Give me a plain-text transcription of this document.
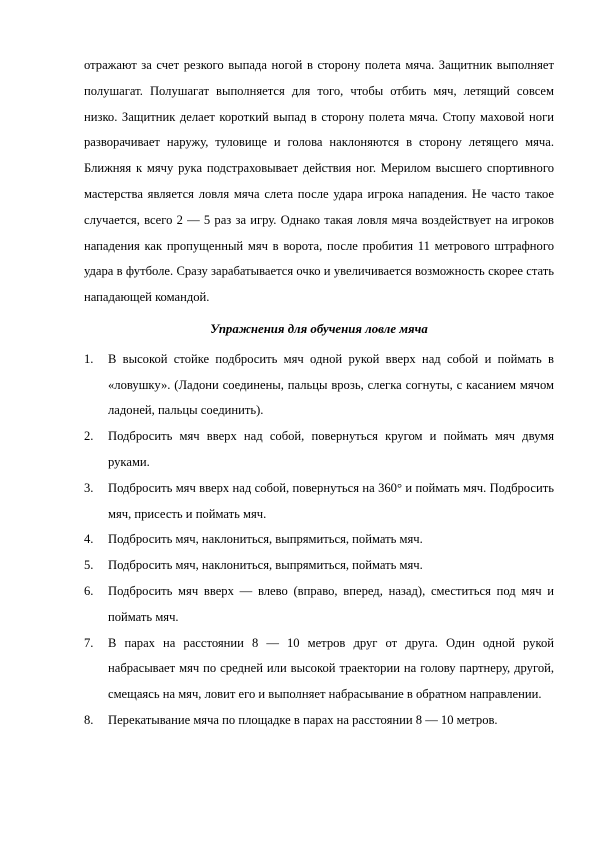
отражают за счет резкого выпада ногой в сторону полета мяча. Защитник выполняет полушагат. Полушагат выполняется для того, чтобы отбить мяч, летящий совсем низко. Защитник делает короткий выпад в сторону полета мяча. Стопу маховой ноги разворачивает наружу, туловище и голова наклоняются в сторону летящего мяча. Ближняя к мячу рука подстраховывает действия ног. Мерилом высшего спортивного мастерства является ловля мяча слета после удара игрока нападения. Не часто такое случается, всего 2 — 5 раз за игру. Однако такая ловля мяча воздействует на игроков нападения как пропущенный мяч в ворота, после пробития 11 метрового штрафного удара в футболе. Сразу зарабатывается очко и увеличивается возможность скорее стать нападающей командой.

Упражнения для обучения ловле мяча

1. В высокой стойке подбросить мяч одной рукой вверх над собой и поймать в «ловушку». (Ладони соединены, пальцы врозь, слегка согнуты, с касанием мячом ладоней, пальцы соединить).
2. Подбросить мяч вверх над собой, повернуться кругом и поймать мяч двумя руками.
3. Подбросить мяч вверх над собой, повернуться на 360° и поймать мяч. Подбросить мяч, присесть и поймать мяч.
4. Подбросить мяч, наклониться, выпрямиться, поймать мяч.
5. Подбросить мяч, наклониться, выпрямиться, поймать мяч.
6. Подбросить мяч вверх — влево (вправо, вперед, назад), сместиться под мяч и поймать мяч.
7. В парах на расстоянии 8 — 10 метров друг от друга. Один одной рукой набрасывает мяч по средней или высокой траектории на голову партнеру, другой, смещаясь на мяч, ловит его и выполняет набрасывание в обратном направлении.
8. Перекатывание мяча по площадке в парах на расстоянии 8 — 10 метров.
